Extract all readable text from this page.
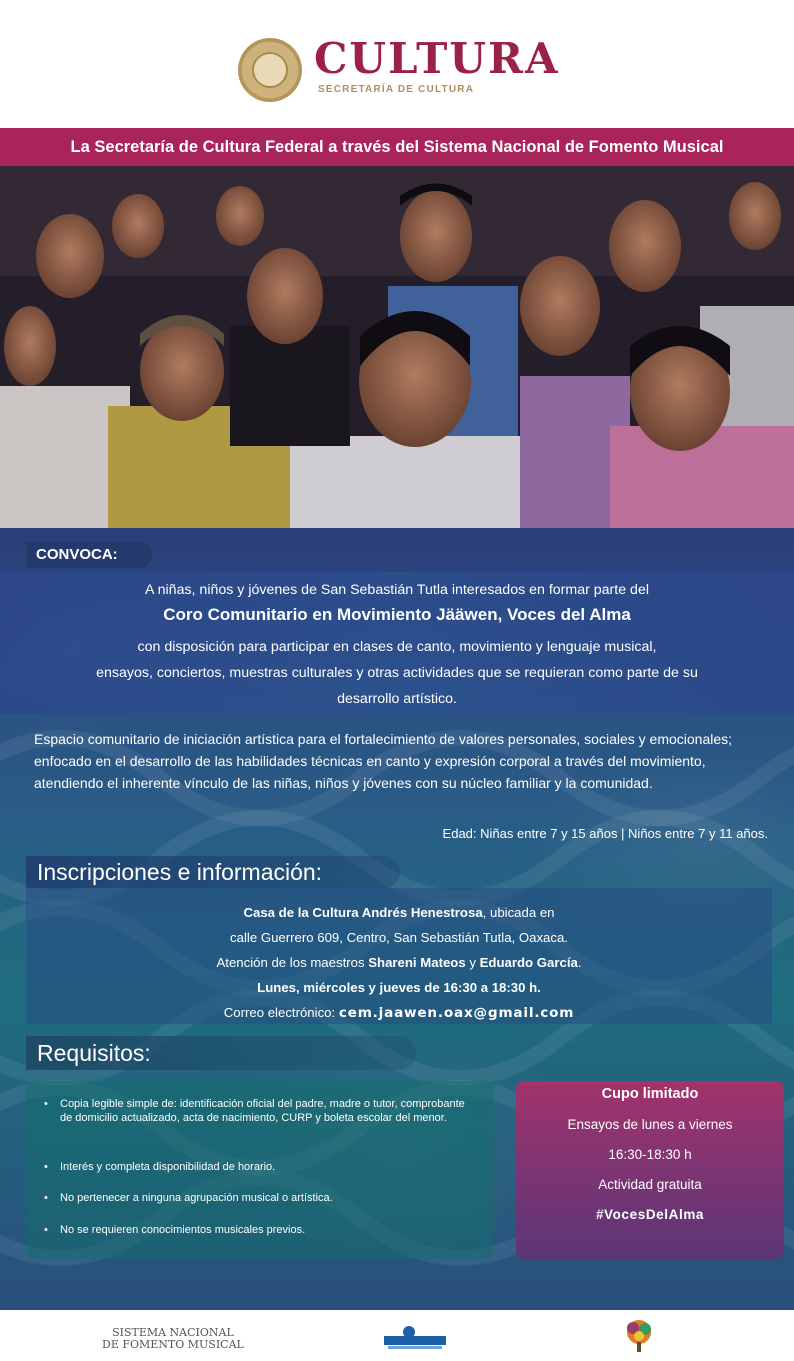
CULTURA
SECRETARÍA DE CULTURA
La Secretaría de Cultura Federal a través del Sistema Nacional de Fomento Musical
CONVOCA:
A niñas, niños y jóvenes de San Sebastián Tutla interesados en formar parte del
Coro Comunitario en Movimiento Jääwen, Voces del Alma
con disposición para participar en clases de canto, movimiento y lenguaje musical,
ensayos, conciertos, muestras culturales y otras actividades que se requieran como parte de su
desarrollo artístico.
Espacio comunitario de iniciación artística para el fortalecimiento de valores personales, sociales y emocionales; enfocado en el desarrollo de las habilidades técnicas en canto y expresión corporal a través del movimiento, atendiendo el inherente vínculo de las niñas, niños y jóvenes con su núcleo familiar y la comunidad.
Edad: Niñas entre 7 y 15 años | Niños entre 7 y 11 años.
Inscripciones e información:
Casa de la Cultura Andrés Henestrosa, ubicada en
calle Guerrero 609, Centro, San Sebastián Tutla, Oaxaca.
Atención de los maestros Shareni Mateos y Eduardo García.
Lunes, miércoles y jueves de 16:30 a 18:30 h.
Correo electrónico: cem.jaawen.oax@gmail.com
Requisitos:
• Copia legible simple de: identificación oficial del padre, madre o tutor, comprobante de domicilio actualizado, acta de nacimiento, CURP y boleta escolar del menor.
• Interés y completa disponibilidad de horario.
• No pertenecer a ninguna agrupación musical o artística.
• No se requieren conocimientos musicales previos.
Cupo limitado
Ensayos de lunes a viernes
16:30-18:30 h
Actividad gratuita
#VocesDelAlma
SISTEMA NACIONAL
DE FOMENTO MUSICAL
